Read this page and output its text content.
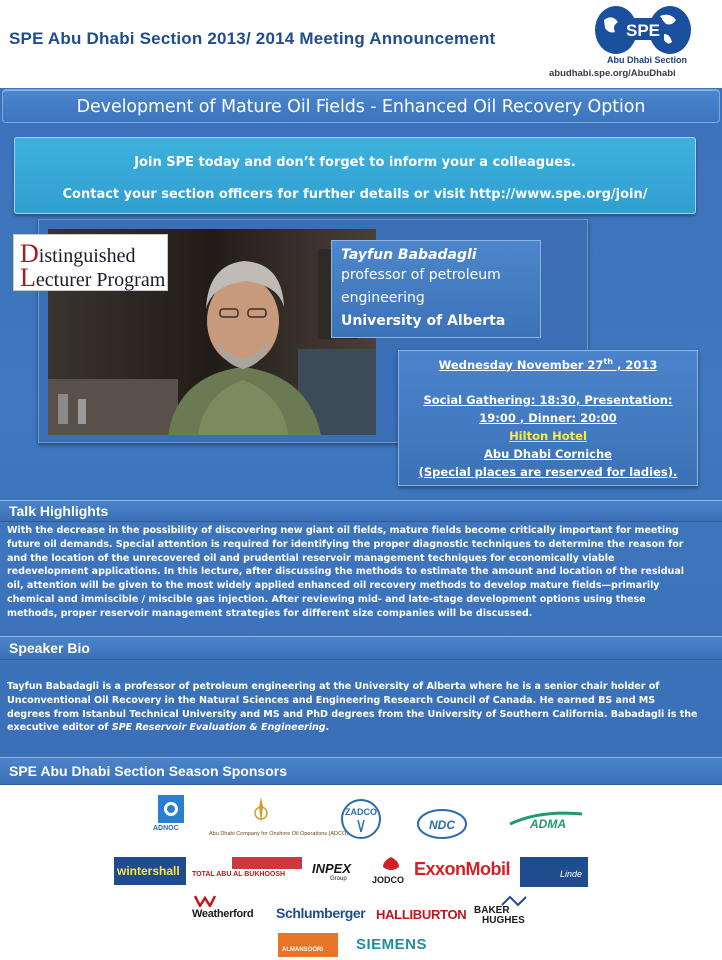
SPE Abu Dhabi Section 2013/ 2014 Meeting Announcement	SPE
Abu Dhabi Section
abudhabi.spe.org/AbuDhabi
Development of Mature Oil Fields - Enhanced Oil Recovery Option
Join SPE today and don’t forget to inform your a colleagues.
Contact your section officers for further details or visit http://www.spe.org/join/
Distinguished
Lecturer Program
Tayfun Babadagli
professor of petroleum
engineering
University of Alberta
Wednesday November 27th , 2013
Social Gathering: 18:30, Presentation:
19:00 , Dinner: 20:00
Hilton Hotel
Abu Dhabi Corniche
(Special places are reserved for ladies).
Talk Highlights
With the decrease in the possibility of discovering new giant oil fields, mature fields become critically important for meeting
future oil demands. Special attention is required for identifying the proper diagnostic techniques to determine the reason for
and the location of the unrecovered oil and prudential reservoir management techniques for economically viable
redevelopment applications. In this lecture, after discussing the methods to estimate the amount and location of the residual
oil, attention will be given to the most widely applied enhanced oil recovery methods to develop mature fields—primarily
chemical and immiscible / miscible gas injection. After reviewing mid- and late-stage development options using these
methods, proper reservoir management strategies for different size companies will be discussed.
Speaker Bio
Tayfun Babadagli is a professor of petroleum engineering at the University of Alberta where he is a senior chair holder of
Unconventional Oil Recovery in the Natural Sciences and Engineering Research Council of Canada. He earned BS and MS
degrees from Istanbul Technical University and MS and PhD degrees from the University of Southern California. Babadagli is the
executive editor of SPE Reservoir Evaluation & Engineering.
SPE Abu Dhabi Section Season Sponsors
ADNOC
Abu Dhabi Company for Onshore Oil Operations (ADCO)
ZADCO
NDC	ADMA
wintershall TOTAL ABU AL BUKHOOSH INPEX
Group	JODCO
ExxonMobil	Linde
Weatherford Schlumberger HALLIBURTON BAKER
HUGHES
ALMANSOORI SIEMENS
